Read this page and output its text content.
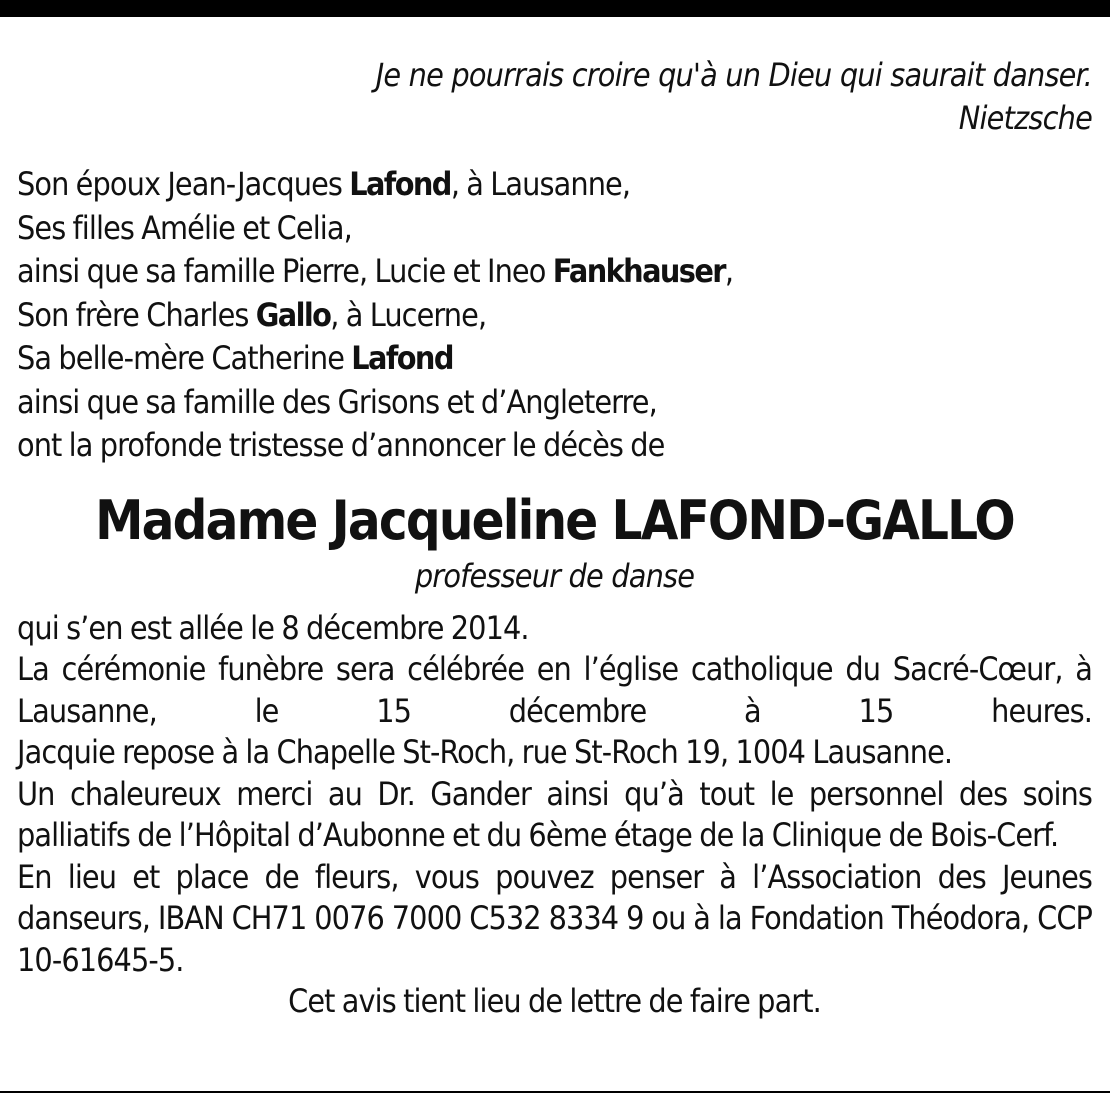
Je ne pourrais croire qu'à un Dieu qui saurait danser.
Nietzsche
Son époux Jean-Jacques Lafond, à Lausanne,
Ses filles Amélie et Celia,
ainsi que sa famille Pierre, Lucie et Ineo Fankhauser,
Son frère Charles Gallo, à Lucerne,
Sa belle-mère Catherine Lafond
ainsi que sa famille des Grisons et d’Angleterre,
ont la profonde tristesse d’annoncer le décès de
Madame Jacqueline LAFOND-GALLO
professeur de danse

qui s’en est allée le 8 décembre 2014.

La cérémonie funèbre sera célébrée en l’église catholique du Sacré-Cœur, à Lausanne, le 15 décembre à 15 heures.

Jacquie repose à la Chapelle St-Roch, rue St-Roch 19, 1004 Lausanne.

Un chaleureux merci au Dr. Gander ainsi qu’à tout le personnel des soins palliatifs de l’Hôpital d’Aubonne et du 6ème étage de la Clinique de Bois-Cerf.

En lieu et place de fleurs, vous pouvez penser à l’Association des Jeunes danseurs, IBAN CH71 0076 7000 C532 8334 9 ou à la Fondation Théodora, CCP 10-61645-5.

Cet avis tient lieu de lettre de faire part.
